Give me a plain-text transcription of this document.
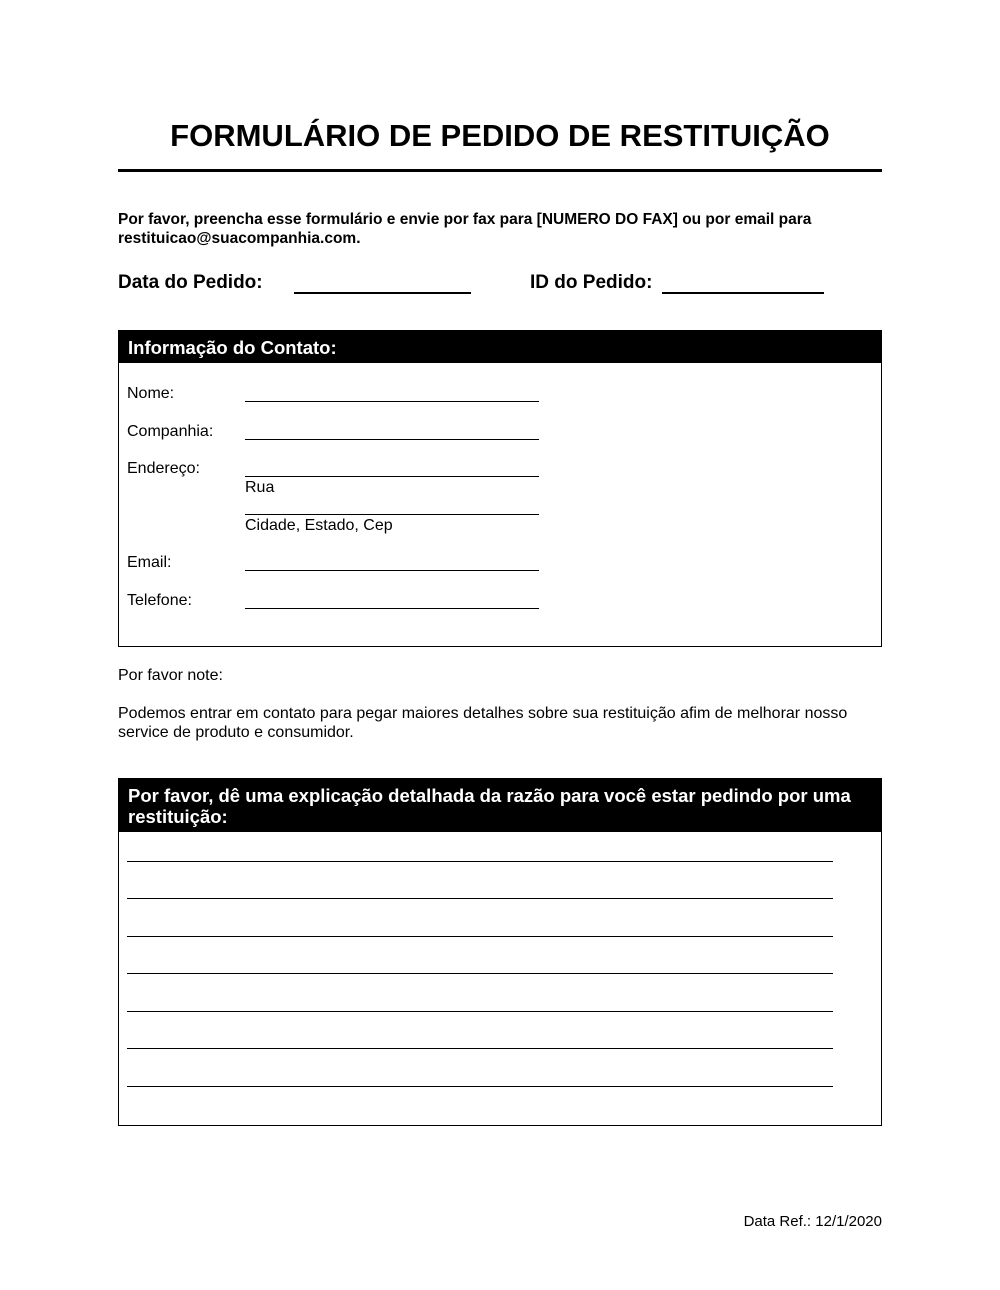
FORMULÁRIO DE PEDIDO DE RESTITUIÇÃO

Por favor, preencha esse formulário e envie por fax para [NUMERO DO FAX] ou por email para restituicao@suacompanhia.com.

Data do Pedido:	ID do Pedido:
Informação do Contato:
Nome:
Companhia:
Endereço:
Rua
Cidade, Estado, Cep
Email:
Telefone:

Por favor note:

Podemos entrar em contato para pegar maiores detalhes sobre sua restituição afim de melhorar nosso service de produto e consumidor.

Por favor, dê uma explicação detalhada da razão para você estar pedindo por uma restituição:
Data Ref.: 12/1/2020
